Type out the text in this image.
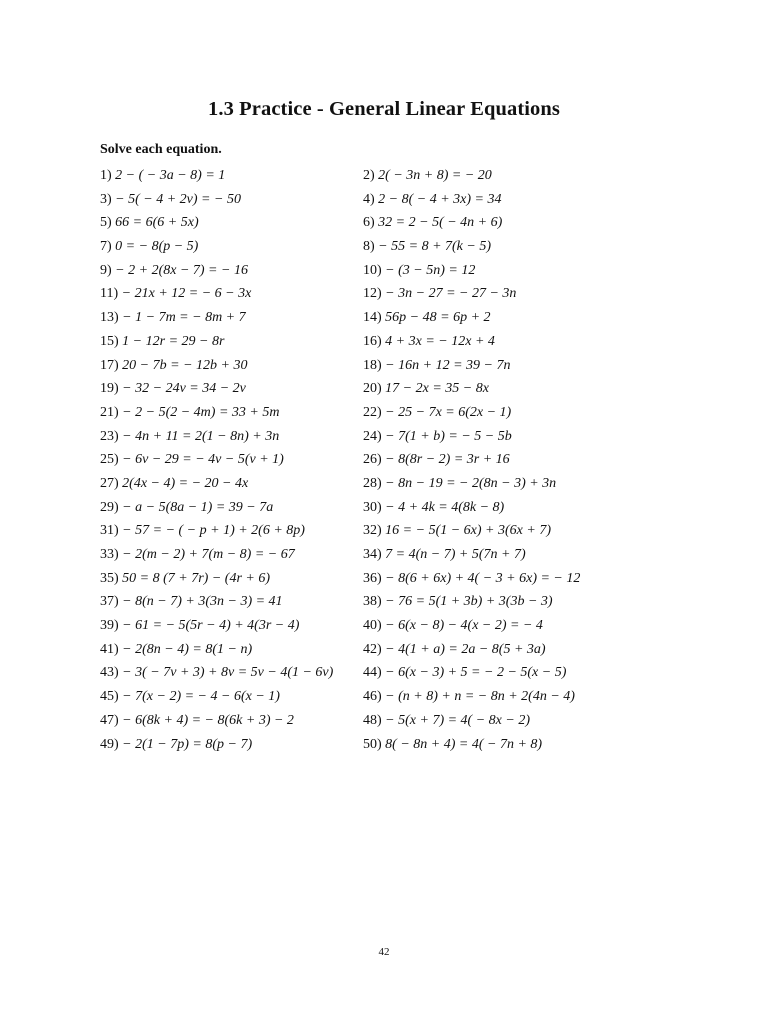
1.3 Practice - General Linear Equations
Solve each equation.
1) 2 − ( − 3a − 8) = 1	2) 2( − 3n + 8) = − 20
3) − 5( − 4 + 2v) = − 50	4) 2 − 8( − 4 + 3x) = 34
5) 66 = 6(6 + 5x)	6) 32 = 2 − 5( − 4n + 6)
7) 0 = − 8(p − 5)	8) − 55 = 8 + 7(k − 5)
9) − 2 + 2(8x − 7) = − 16	10) − (3 − 5n) = 12
11) − 21x + 12 = − 6 − 3x	12) − 3n − 27 = − 27 − 3n
13) − 1 − 7m = − 8m + 7	14) 56p − 48 = 6p + 2
15) 1 − 12r = 29 − 8r	16) 4 + 3x = − 12x + 4
17) 20 − 7b = − 12b + 30	18) − 16n + 12 = 39 − 7n
19) − 32 − 24v = 34 − 2v	20) 17 − 2x = 35 − 8x
21) − 2 − 5(2 − 4m) = 33 + 5m	22) − 25 − 7x = 6(2x − 1)
23) − 4n + 11 = 2(1 − 8n) + 3n	24) − 7(1 + b) = − 5 − 5b
25) − 6v − 29 = − 4v − 5(v + 1)	26) − 8(8r − 2) = 3r + 16
27) 2(4x − 4) = − 20 − 4x	28) − 8n − 19 = − 2(8n − 3) + 3n
29) − a − 5(8a − 1) = 39 − 7a	30) − 4 + 4k = 4(8k − 8)
31) − 57 = − ( − p + 1) + 2(6 + 8p)	32) 16 = − 5(1 − 6x) + 3(6x + 7)
33) − 2(m − 2) + 7(m − 8) = − 67	34) 7 = 4(n − 7) + 5(7n + 7)
35) 50 = 8 (7 + 7r) − (4r + 6)	36) − 8(6 + 6x) + 4( − 3 + 6x) = − 12
37) − 8(n − 7) + 3(3n − 3) = 41	38) − 76 = 5(1 + 3b) + 3(3b − 3)
39) − 61 = − 5(5r − 4) + 4(3r − 4)	40) − 6(x − 8) − 4(x − 2) = − 4
41) − 2(8n − 4) = 8(1 − n)	42) − 4(1 + a) = 2a − 8(5 + 3a)
43) − 3( − 7v + 3) + 8v = 5v − 4(1 − 6v)	44) − 6(x − 3) + 5 = − 2 − 5(x − 5)
45) − 7(x − 2) = − 4 − 6(x − 1)	46) − (n + 8) + n = − 8n + 2(4n − 4)
47) − 6(8k + 4) = − 8(6k + 3) − 2	48) − 5(x + 7) = 4( − 8x − 2)
49) − 2(1 − 7p) = 8(p − 7)	50) 8( − 8n + 4) = 4( − 7n + 8)
42
